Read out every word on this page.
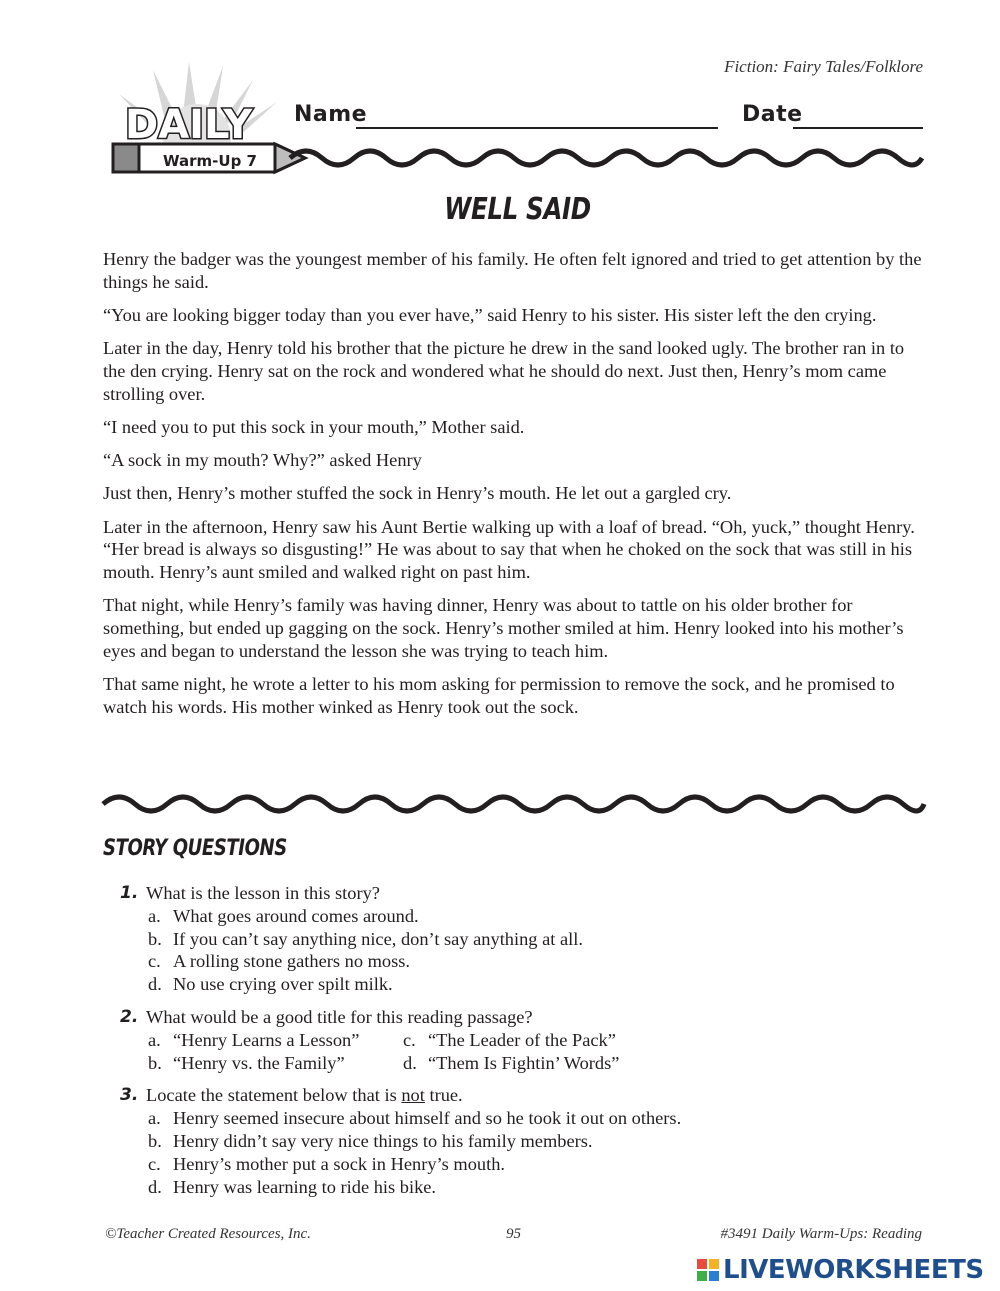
Fiction: Fairy Tales/Folklore
DAILY
Warm-Up 7
Name	Date
WELL SAID

Henry the badger was the youngest member of his family. He often felt ignored and tried to get attention by the things he said.

“You are looking bigger today than you ever have,” said Henry to his sister. His sister left the den crying.

Later in the day, Henry told his brother that the picture he drew in the sand looked ugly. The brother ran in to the den crying. Henry sat on the rock and wondered what he should do next. Just then, Henry’s mom came strolling over.

“I need you to put this sock in your mouth,” Mother said.

“A sock in my mouth? Why?” asked Henry

Just then, Henry’s mother stuffed the sock in Henry’s mouth. He let out a gargled cry.

Later in the afternoon, Henry saw his Aunt Bertie walking up with a loaf of bread. “Oh, yuck,” thought Henry. “Her bread is always so disgusting!” He was about to say that when he choked on the sock that was still in his mouth. Henry’s aunt smiled and walked right on past him.

That night, while Henry’s family was having dinner, Henry was about to tattle on his older brother for something, but ended up gagging on the sock. Henry’s mother smiled at him. Henry looked into his mother’s eyes and began to understand the lesson she was trying to teach him.

That same night, he wrote a letter to his mom asking for permission to remove the sock, and he promised to watch his words. His mother winked as Henry took out the sock.

STORY QUESTIONS
1. What is the lesson in this story?
a. What goes around comes around.
b. If you can’t say anything nice, don’t say anything at all.
c. A rolling stone gathers no moss.
d. No use crying over spilt milk.
2. What would be a good title for this reading passage?
a. “Henry Learns a Lesson” c. “The Leader of the Pack”
b. “Henry vs. the Family”	d. “Them Is Fightin’ Words”
3. Locate the statement below that is not true.
a. Henry seemed insecure about himself and so he took it out on others.
b. Henry didn’t say very nice things to his family members.
c. Henry’s mother put a sock in Henry’s mouth.
d. Henry was learning to ride his bike.
©Teacher Created Resources, Inc.	95	#3491 Daily Warm-Ups: Reading
LIVEWORKSHEETS
